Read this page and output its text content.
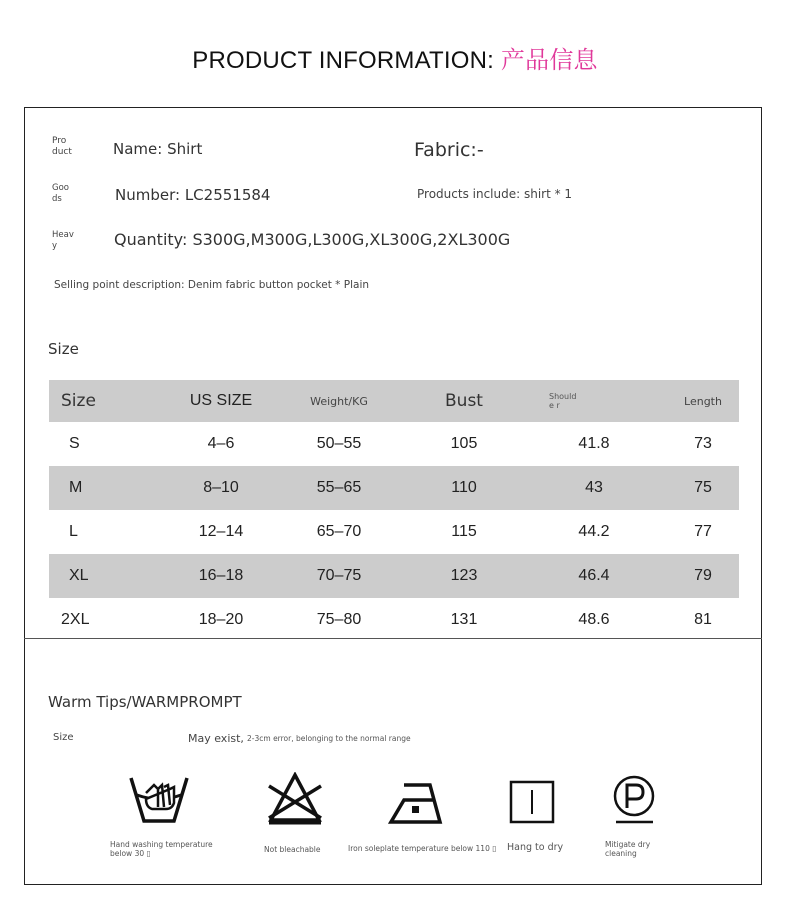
PRODUCT INFORMATION: 产品信息
Pro duct	Name: Shirt	Fabric:-
Goo ds	Number: LC2551584	Products include: shirt * 1
Heav y	Quantity: S300G,M300G,L300G,XL300G,2XL300G
Selling point description: Denim fabric button pocket * Plain
Size
Size	US SIZE	Weight/KG	Bust	Shoulde r	Length
S	4–6	50–55	105	41.8	73
M	8–10	55–65	110	43	75
L	12–14	65–70	115	44.2	77
XL	16–18	70–75	123	46.4	79
2XL	18–20	75–80	131	48.6	81
Warm Tips/WARMPROMPT
Size	May exist, 2-3cm error, belonging to the normal range
Hand washing temperature below 30 ▯	Not bleachable	Iron soleplate temperature below 110 ▯ Hang to dry	Mitigate dry cleaning
